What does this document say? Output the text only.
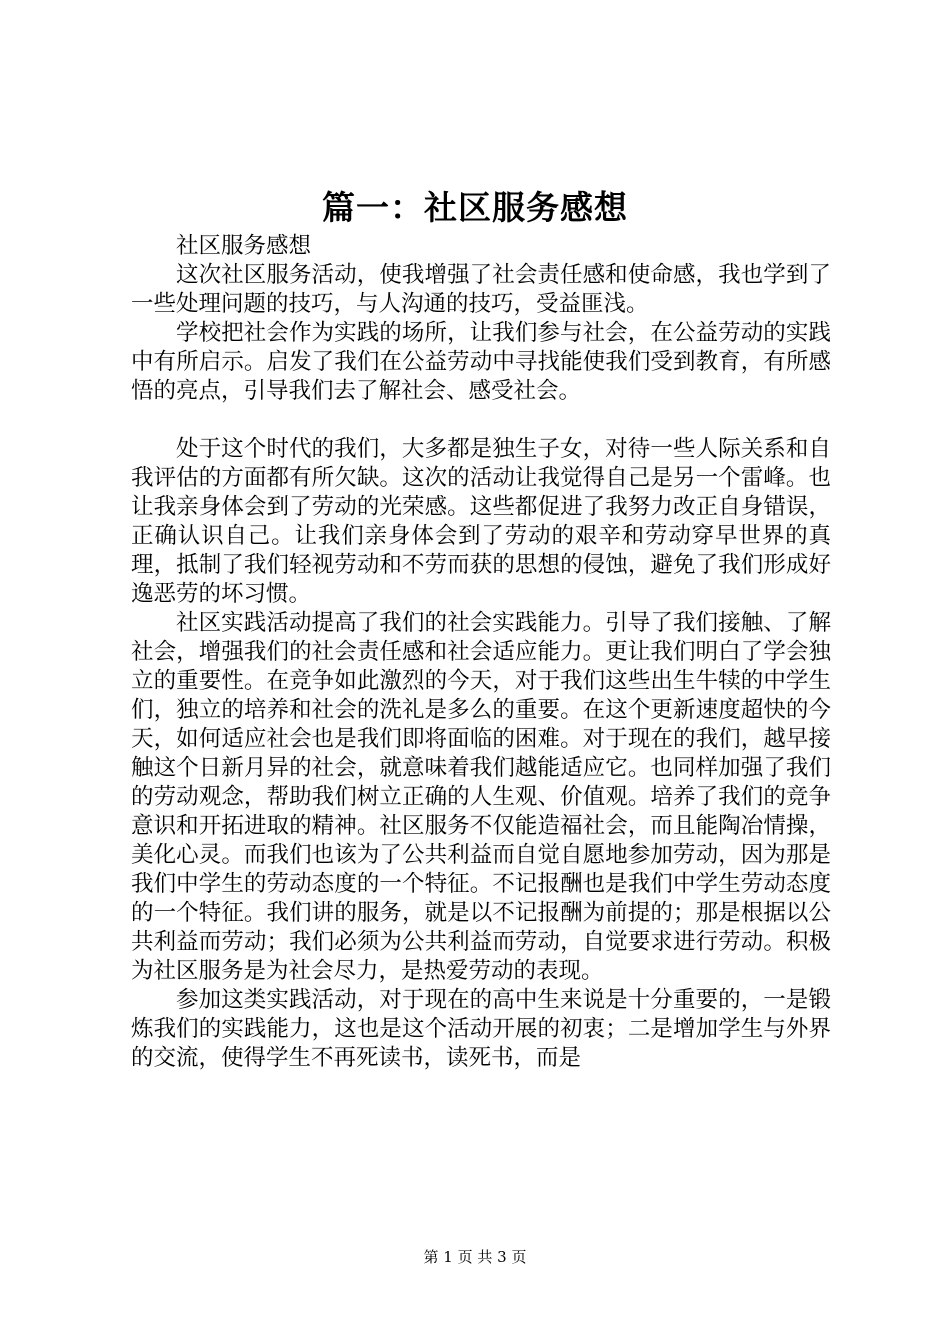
篇一：社区服务感想

社区服务感想

这次社区服务活动，使我增强了社会责任感和使命感，我也学到了一些处理问题的技巧，与人沟通的技巧，受益匪浅。

学校把社会作为实践的场所，让我们参与社会，在公益劳动的实践中有所启示。启发了我们在公益劳动中寻找能使我们受到教育，有所感悟的亮点，引导我们去了解社会、感受社会。

处于这个时代的我们，大多都是独生子女，对待一些人际关系和自我评估的方面都有所欠缺。这次的活动让我觉得自己是另一个雷峰。也让我亲身体会到了劳动的光荣感。这些都促进了我努力改正自身错误，正确认识自己。让我们亲身体会到了劳动的艰辛和劳动穿早世界的真理，抵制了我们轻视劳动和不劳而获的思想的侵蚀，避免了我们形成好逸恶劳的坏习惯。

社区实践活动提高了我们的社会实践能力。引导了我们接触、了解社会，增强我们的社会责任感和社会适应能力。更让我们明白了学会独立的重要性。在竞争如此激烈的今天，对于我们这些出生牛犊的中学生们，独立的培养和社会的洗礼是多么的重要。在这个更新速度超快的今天，如何适应社会也是我们即将面临的困难。对于现在的我们，越早接触这个日新月异的社会，就意味着我们越能适应它。也同样加强了我们的劳动观念，帮助我们树立正确的人生观、价值观。培养了我们的竞争意识和开拓进取的精神。社区服务不仅能造福社会，而且能陶冶情操，美化心灵。而我们也该为了公共利益而自觉自愿地参加劳动，因为那是我们中学生的劳动态度的一个特征。不记报酬也是我们中学生劳动态度的一个特征。我们讲的服务，就是以不记报酬为前提的；那是根据以公共利益而劳动；我们必须为公共利益而劳动，自觉要求进行劳动。积极为社区服务是为社会尽力，是热爱劳动的表现。

参加这类实践活动，对于现在的高中生来说是十分重要的，一是锻炼我们的实践能力，这也是这个活动开展的初衷；二是增加学生与外界的交流，使得学生不再死读书，读死书，而是

第 1 页 共 3 页
